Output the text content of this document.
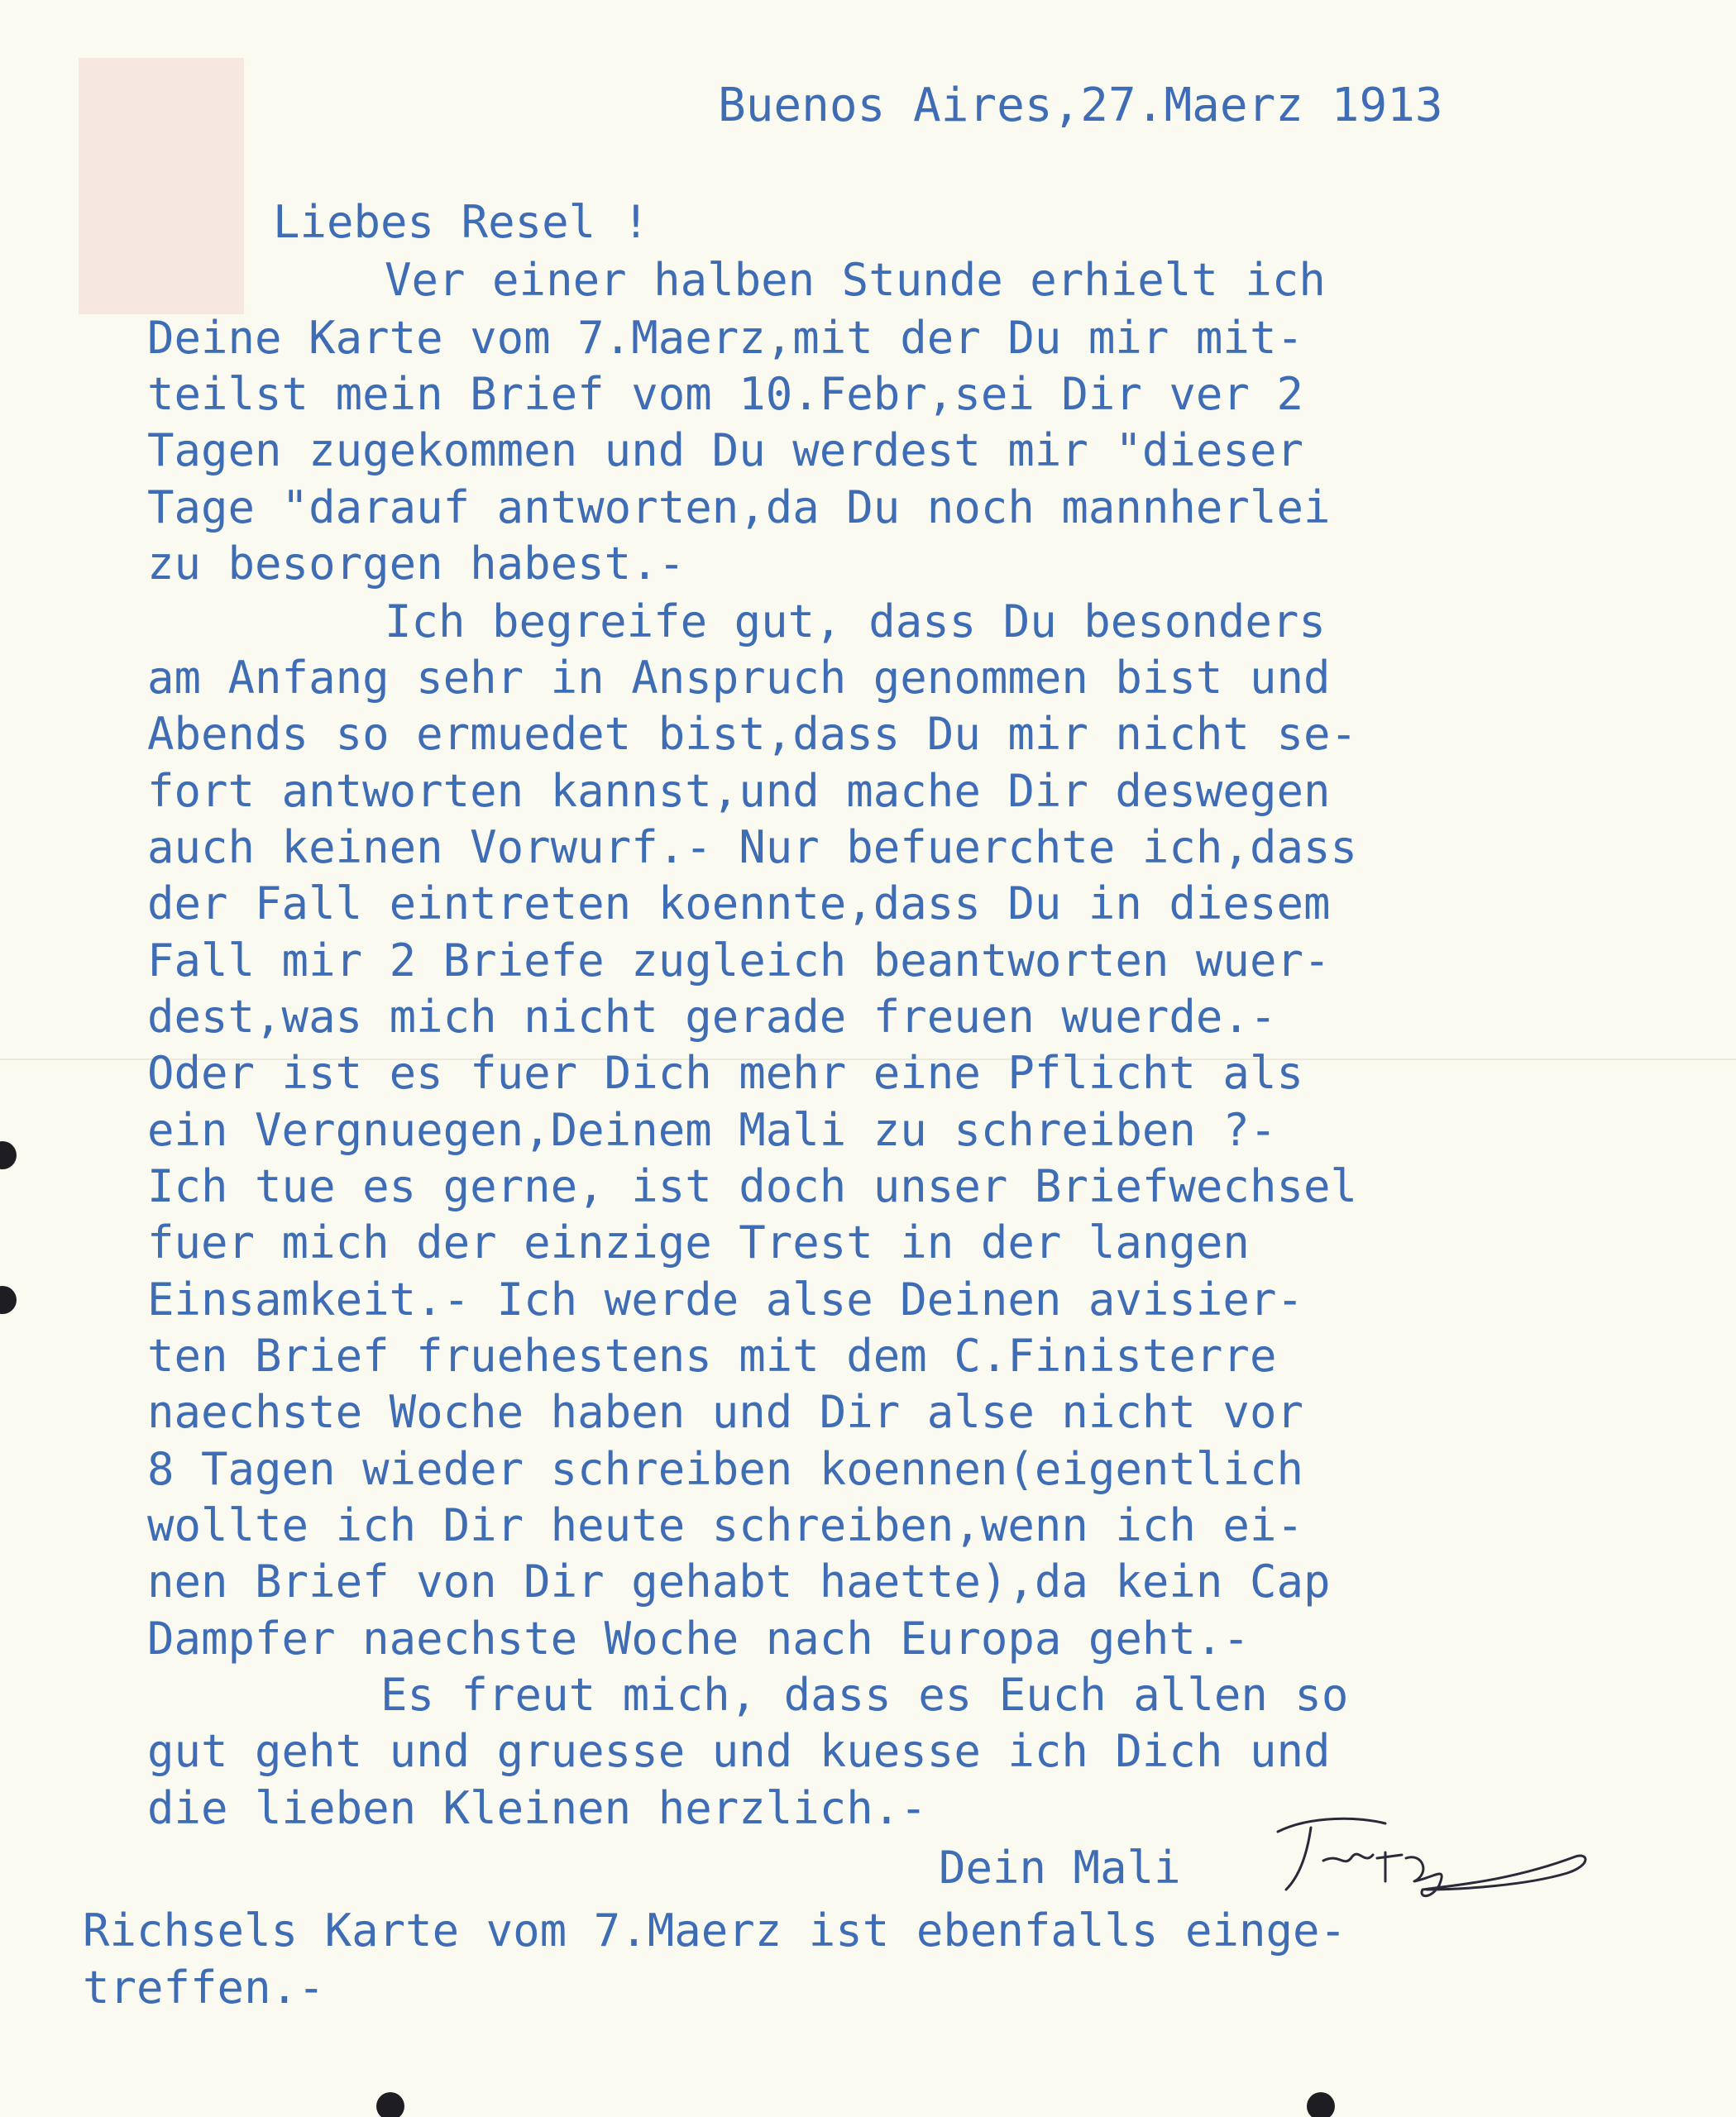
Buenos Aires,27.Maerz 1913

Liebes Resel !

Ver einer halben Stunde erhielt ich

Deine Karte vom 7.Maerz,mit der Du mir mit-

teilst mein Brief vom 10.Febr,sei Dir ver 2

Tagen zugekommen und Du werdest mir "dieser

Tage "darauf antworten,da Du noch mannherlei

zu besorgen habest.-

Ich begreife gut, dass Du besonders

am Anfang sehr in Anspruch genommen bist und

Abends so ermuedet bist,dass Du mir nicht se-

fort antworten kannst,und mache Dir deswegen

auch keinen Vorwurf.- Nur befuerchte ich,dass

der Fall eintreten koennte,dass Du in diesem

Fall mir 2 Briefe zugleich beantworten wuer-

dest,was mich nicht gerade freuen wuerde.-

Oder ist es fuer Dich mehr eine Pflicht als

ein Vergnuegen,Deinem Mali zu schreiben ?-

Ich tue es gerne, ist doch unser Briefwechsel

fuer mich der einzige Trest in der langen

Einsamkeit.- Ich werde alse Deinen avisier-

ten Brief fruehestens mit dem C.Finisterre

naechste Woche haben und Dir alse nicht vor

8 Tagen wieder schreiben koennen(eigentlich

wollte ich Dir heute schreiben,wenn ich ei-

nen Brief von Dir gehabt haette),da kein Cap

Dampfer naechste Woche nach Europa geht.-

Es freut mich, dass es Euch allen so

gut geht und gruesse und kuesse ich Dich und

die lieben Kleinen herzlich.-

Dein Mali

Richsels Karte vom 7.Maerz ist ebenfalls einge-

treffen.-
